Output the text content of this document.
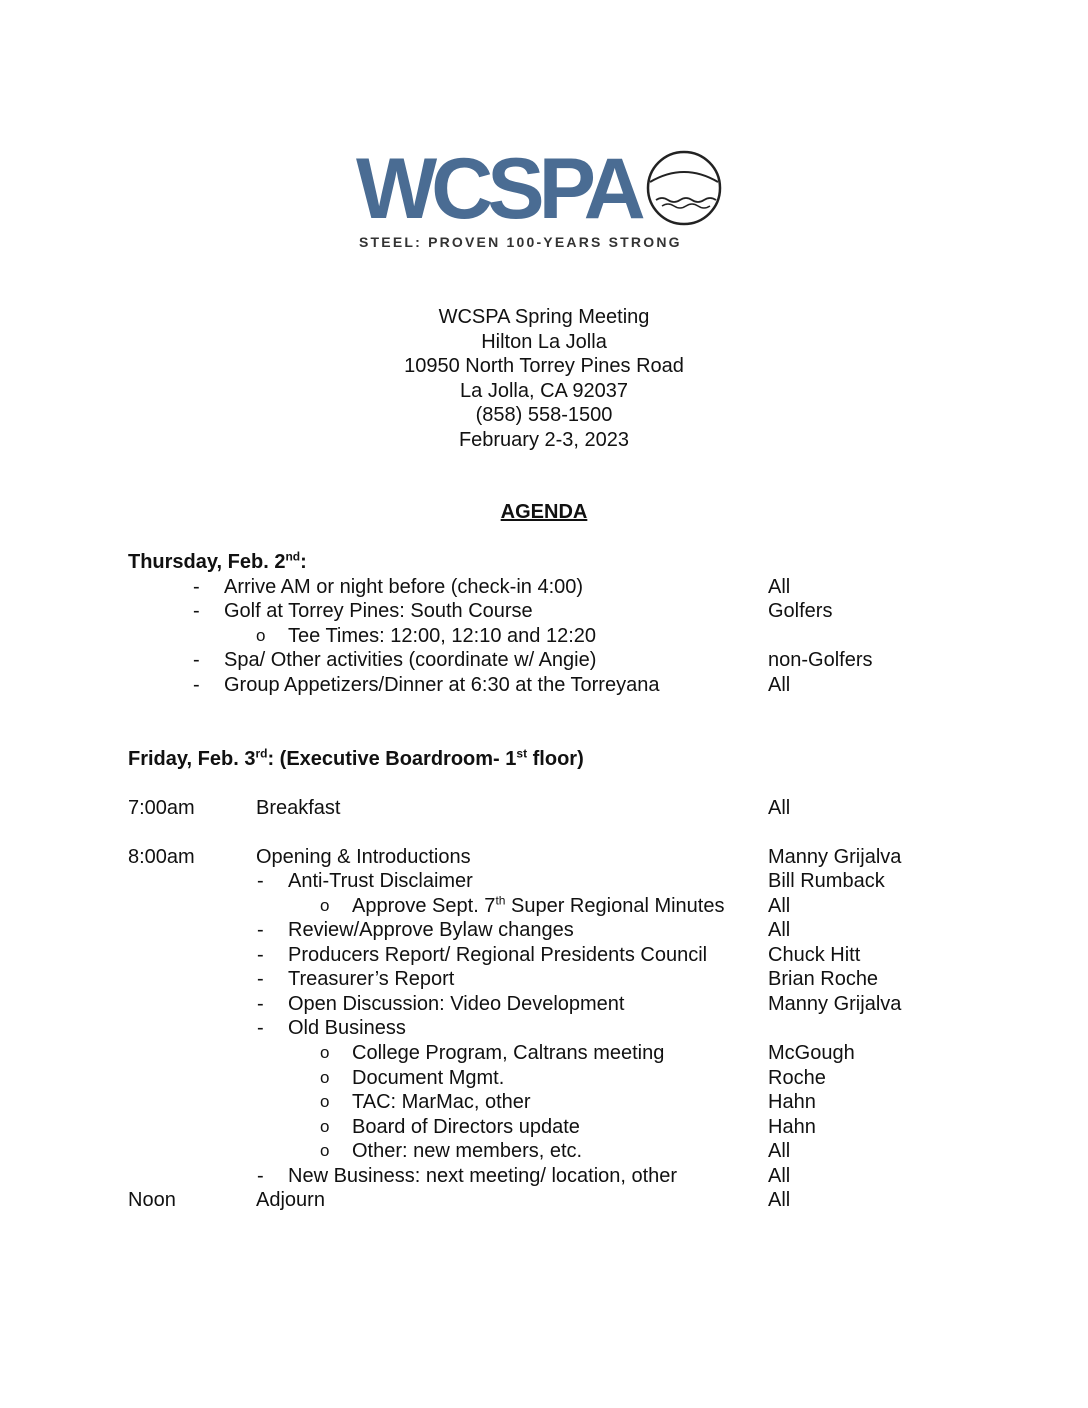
WCSPA
STEEL: PROVEN 100-YEARS STRONG
WCSPA Spring Meeting
Hilton La Jolla
10950 North Torrey Pines Road
La Jolla, CA 92037
(858) 558-1500
February 2-3, 2023
AGENDA
Thursday, Feb. 2nd:
- Arrive AM or night before (check-in 4:00)	All
- Golf at Torrey Pines: South Course	Golfers
o Tee Times: 12:00, 12:10 and 12:20
- Spa/ Other activities (coordinate w/ Angie)	non-Golfers
- Group Appetizers/Dinner at 6:30 at the Torreyana	All
Friday, Feb. 3rd: (Executive Boardroom- 1st floor)
7:00am	Breakfast	All
8:00am	Opening & Introductions	Manny Grijalva
- Anti-Trust Disclaimer	Bill Rumback
o Approve Sept. 7th Super Regional Minutes All
- Review/Approve Bylaw changes	All
- Producers Report/ Regional Presidents Council	Chuck Hitt
- Treasurer’s Report	Brian Roche
- Open Discussion: Video Development	Manny Grijalva
- Old Business
o College Program, Caltrans meeting	McGough
o Document Mgmt.	Roche
o TAC: MarMac, other	Hahn
o Board of Directors update	Hahn
o Other: new members, etc.	All
- New Business: next meeting/ location, other	All
Noon	Adjourn	All
